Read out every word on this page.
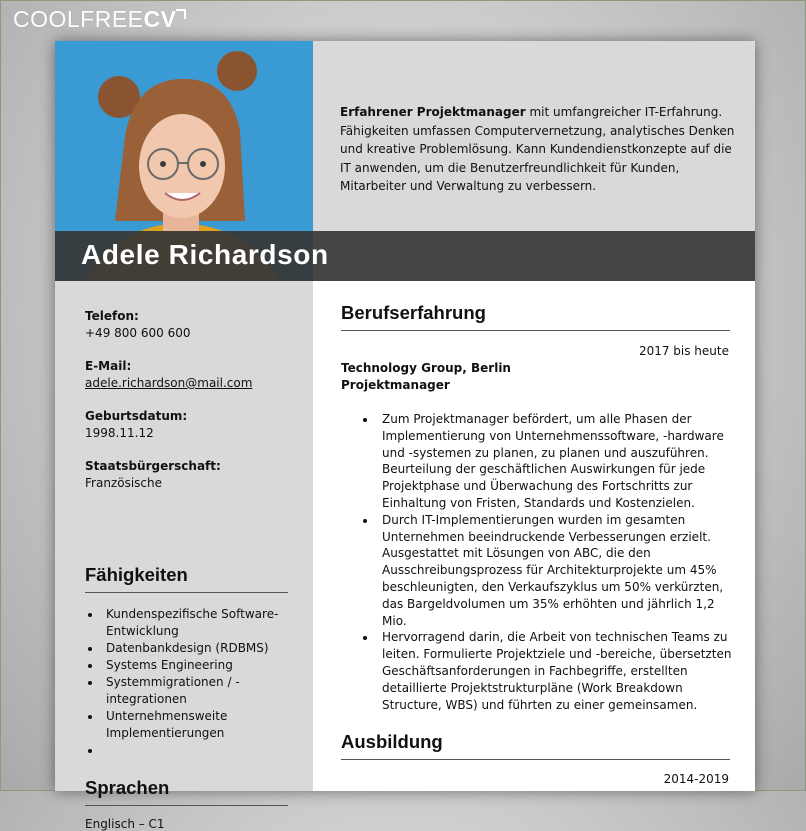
COOLFREECV

Erfahrener Projektmanager mit umfangreicher IT-Erfahrung. Fähigkeiten umfassen Computervernetzung, analytisches Denken und kreative Problemlösung. Kann Kundendienstkonzepte auf die IT anwenden, um die Benutzerfreundlichkeit für Kunden, Mitarbeiter und Verwaltung zu verbessern.

Adele Richardson
Telefon:
+49 800 600 600
E-Mail:
adele.richardson@mail.com
Geburtsdatum:
1998.11.12
Staatsbürgerschaft:
Französische
Fähigkeiten
Kundenspezifische Software-Entwicklung
Datenbankdesign (RDBMS)
Systems Engineering
Systemmigrationen / -integrationen
Unternehmensweite Implementierungen
Sprachen
Englisch – C1
Berufserfahrung
2017 bis heute
Technology Group, Berlin
Projektmanager
Zum Projektmanager befördert, um alle Phasen der Implementierung von Unternehmenssoftware, -hardware und -systemen zu planen, zu planen und auszuführen. Beurteilung der geschäftlichen Auswirkungen für jede Projektphase und Überwachung des Fortschritts zur Einhaltung von Fristen, Standards und Kostenzielen.
Durch IT-Implementierungen wurden im gesamten Unternehmen beeindruckende Verbesserungen erzielt. Ausgestattet mit Lösungen von ABC, die den Ausschreibungsprozess für Architekturprojekte um 45% beschleunigten, den Verkaufszyklus um 50% verkürzten, das Bargeldvolumen um 35% erhöhten und jährlich 1,2 Mio.
Hervorragend darin, die Arbeit von technischen Teams zu leiten. Formulierte Projektziele und -bereiche, übersetzten Geschäftsanforderungen in Fachbegriffe, erstellten detaillierte Projektstrukturpläne (Work Breakdown Structure, WBS) und führten zu einer gemeinsamen.
Ausbildung
2014-2019
